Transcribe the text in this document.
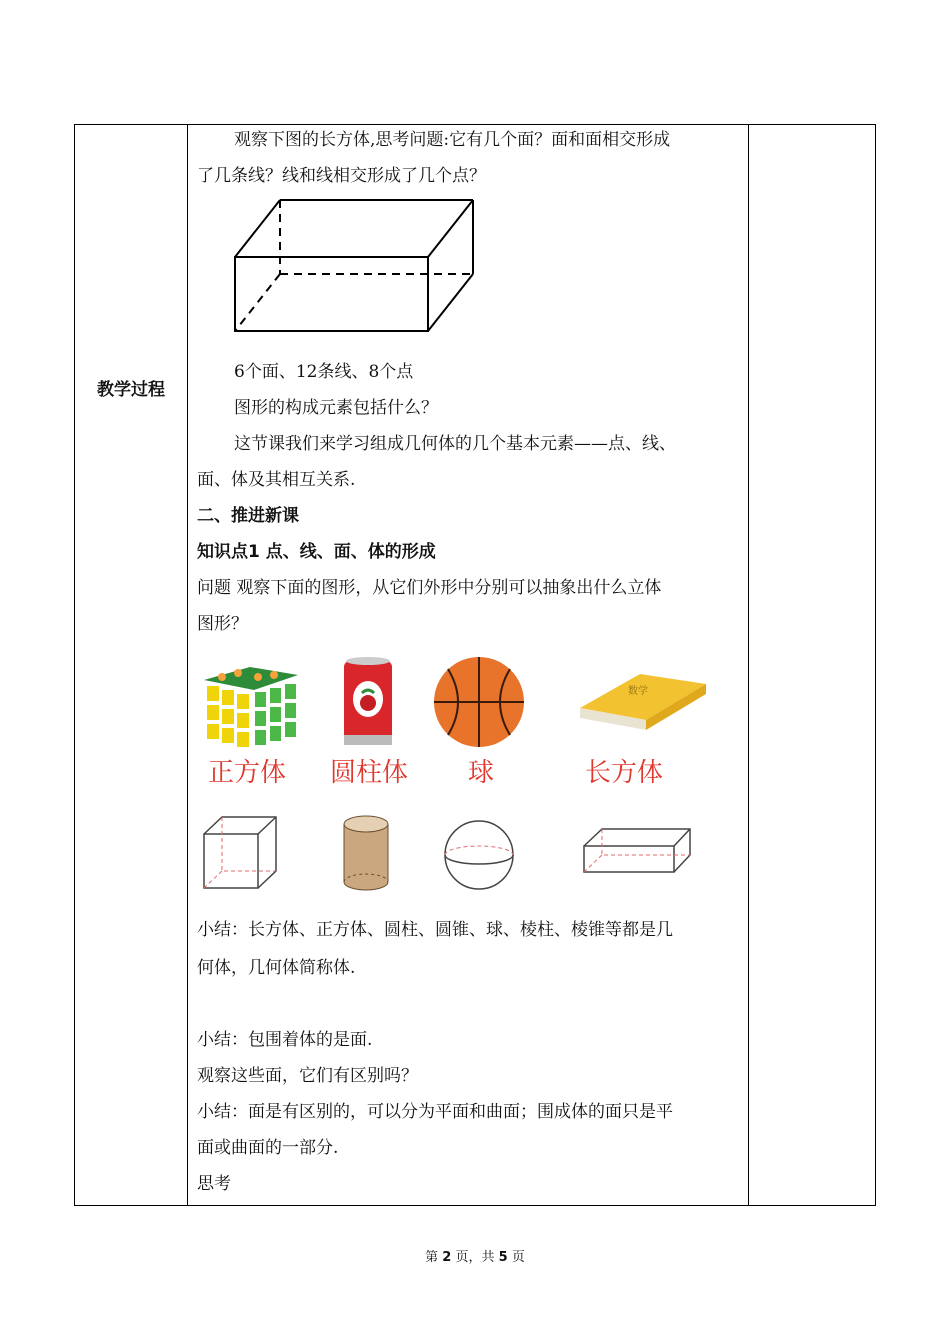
教学过程
观察下图的长方体,思考问题:它有几个面？面和面相交形成
了几条线？线和线相交形成了几个点？
6个面、12条线、8个点
图形的构成元素包括什么？
这节课我们来学习组成几何体的几个基本元素——点、线、
面、体及其相互关系.
二、推进新课
知识点1 点、线、面、体的形成
问题 观察下面的图形，从它们外形中分别可以抽象出什么立体
图形？
正方体 圆柱体 球
数学
长方体
小结：长方体、正方体、圆柱、圆锥、球、棱柱、棱锥等都是几
何体，几何体简称体.
小结：包围着体的是面.
观察这些面，它们有区别吗？
小结：面是有区别的，可以分为平面和曲面；围成体的面只是平
面或曲面的一部分.
思考
第 2 页，共 5 页
